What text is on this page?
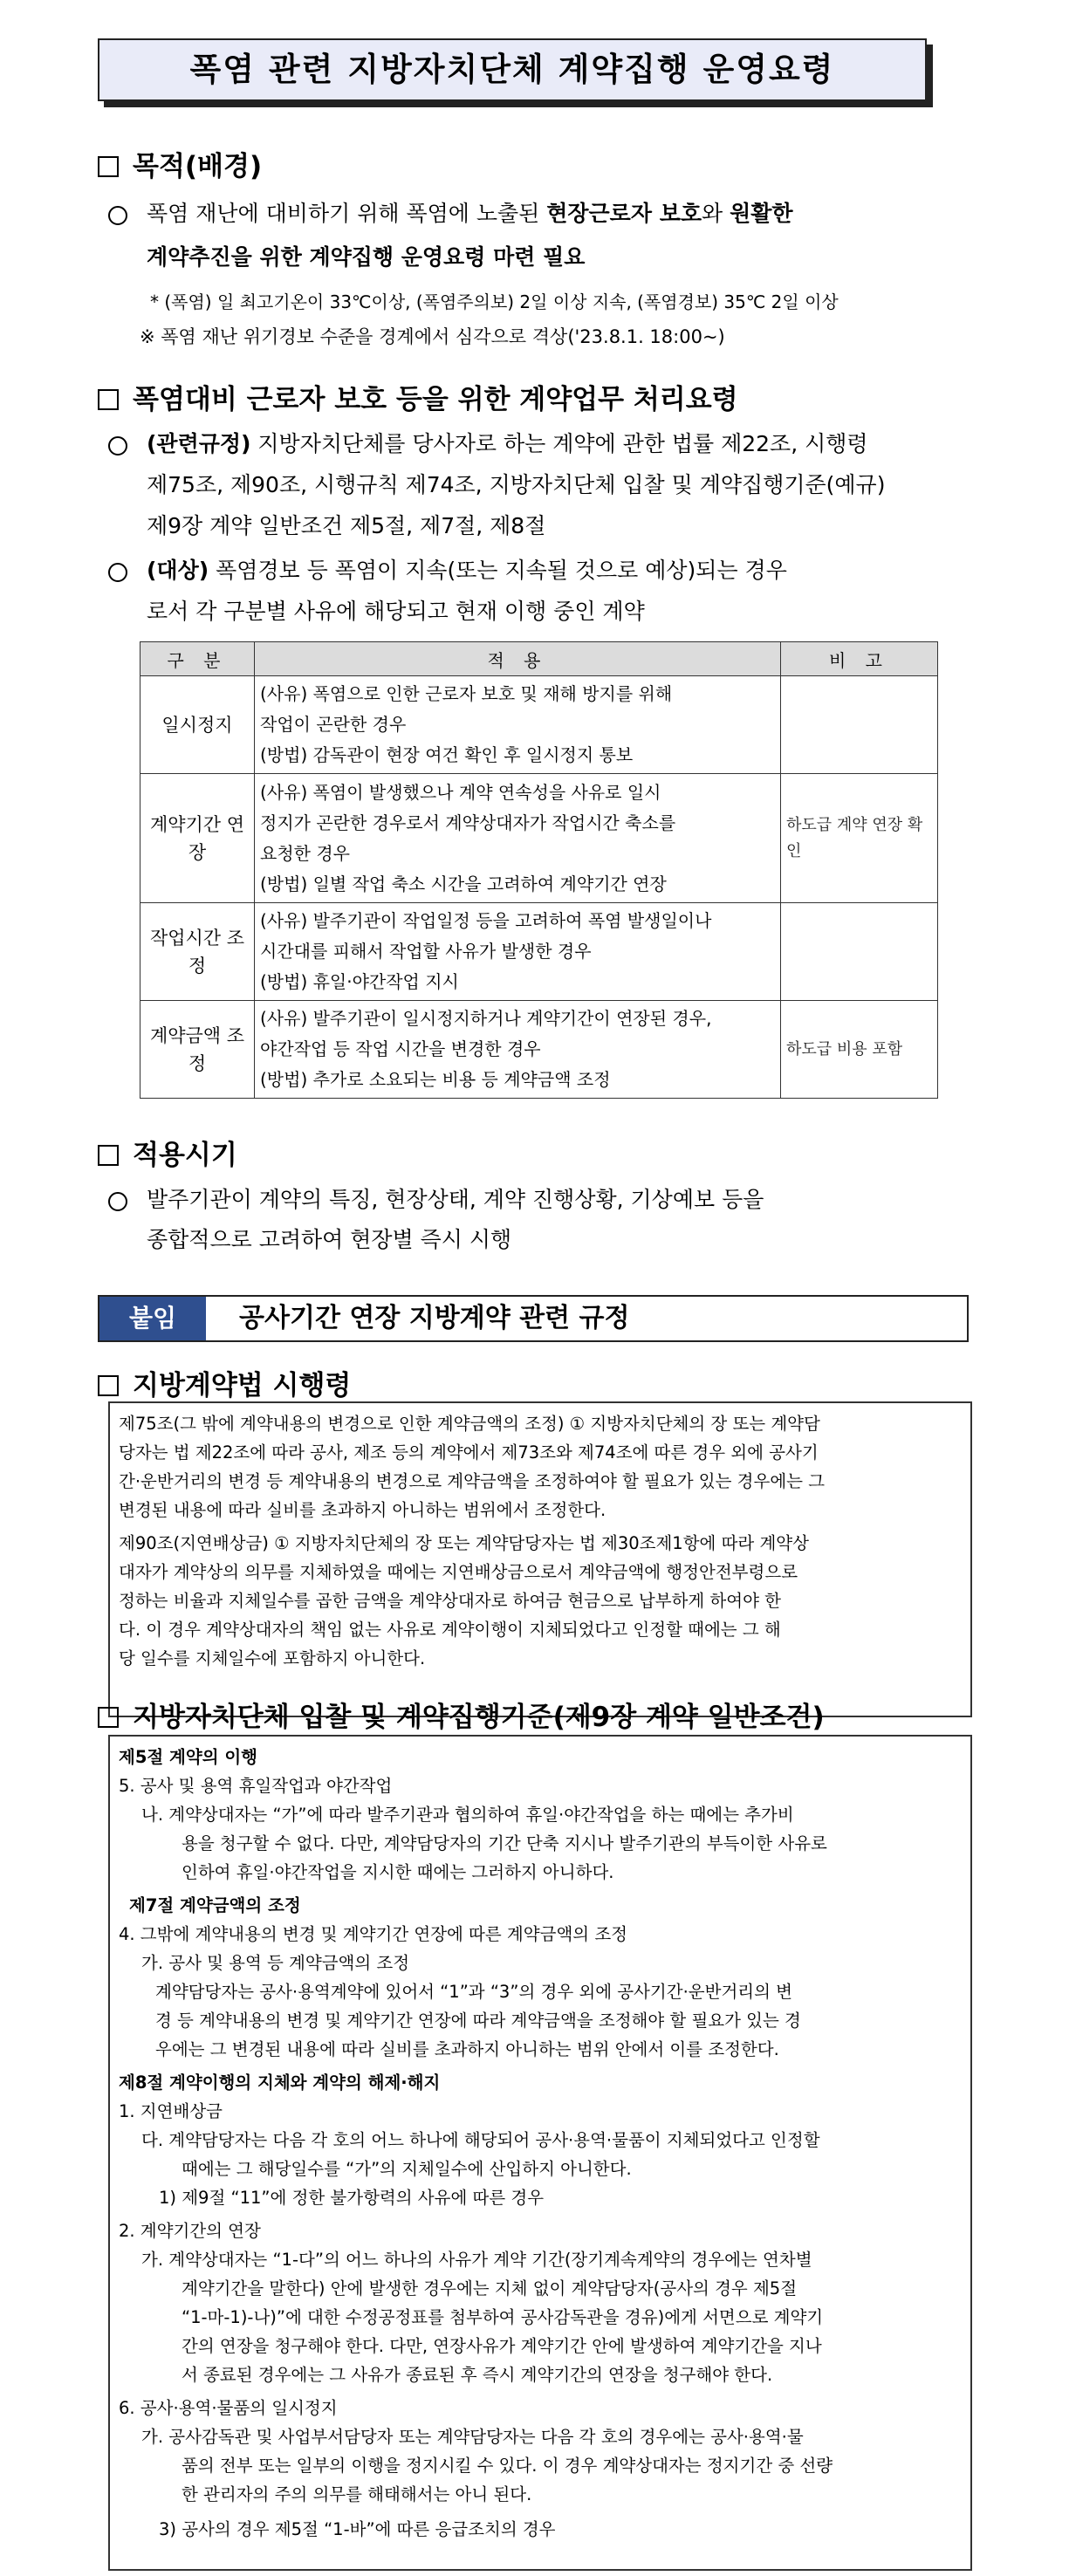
폭염 관련 지방자치단체 계약집행 운영요령
목적(배경)
폭염 재난에 대비하기 위해 폭염에 노출된 현장근로자 보호와 원활한
계약추진을 위한 계약집행 운영요령 마련 필요
* (폭염) 일 최고기온이 33℃이상, (폭염주의보) 2일 이상 지속, (폭염경보) 35℃ 2일 이상
※ 폭염 재난 위기경보 수준을 경계에서 심각으로 격상('23.8.1. 18:00~)
폭염대비 근로자 보호 등을 위한 계약업무 처리요령
(관련규정) 지방자치단체를 당사자로 하는 계약에 관한 법률 제22조, 시행령
제75조, 제90조, 시행규칙 제74조, 지방자치단체 입찰 및 계약집행기준(예규)
제9장 계약 일반조건 제5절, 제7절, 제8절
(대상) 폭염경보 등 폭염이 지속(또는 지속될 것으로 예상)되는 경우
로서 각 구분별 사유에 해당되고 현재 이행 중인 계약
구 분	적 용	비 고
일시정지	(사유) 폭염으로 인한 근로자 보호 및 재해 방지를 위해
작업이 곤란한 경우
(방법) 감독관이 현장 여건 확인 후 일시정지 통보	

계약기간 연장	(사유) 폭염이 발생했으나 계약 연속성을 사유로 일시
정지가 곤란한 경우로서 계약상대자가 작업시간 축소를
요청한 경우
(방법) 일별 작업 축소 시간을 고려하여 계약기간 연장	하도급 계약 연장 확인
작업시간 조정	(사유) 발주기관이 작업일정 등을 고려하여 폭염 발생일이나
시간대를 피해서 작업할 사유가 발생한 경우
(방법) 휴일·야간작업 지시	

계약금액 조정	(사유) 발주기관이 일시정지하거나 계약기간이 연장된 경우,
야간작업 등 작업 시간을 변경한 경우
(방법) 추가로 소요되는 비용 등 계약금액 조정	하도급 비용 포함
적용시기
발주기관이 계약의 특징, 현장상태, 계약 진행상황, 기상예보 등을
종합적으로 고려하여 현장별 즉시 시행
붙임	공사기간 연장 지방계약 관련 규정
지방계약법 시행령
제75조(그 밖에 계약내용의 변경으로 인한 계약금액의 조정) ① 지방자치단체의 장 또는 계약담
당자는 법 제22조에 따라 공사, 제조 등의 계약에서 제73조와 제74조에 따른 경우 외에 공사기
간·운반거리의 변경 등 계약내용의 변경으로 계약금액을 조정하여야 할 필요가 있는 경우에는 그
변경된 내용에 따라 실비를 초과하지 아니하는 범위에서 조정한다.
제90조(지연배상금) ① 지방자치단체의 장 또는 계약담당자는 법 제30조제1항에 따라 계약상
대자가 계약상의 의무를 지체하였을 때에는 지연배상금으로서 계약금액에 행정안전부령으로
정하는 비율과 지체일수를 곱한 금액을 계약상대자로 하여금 현금으로 납부하게 하여야 한
다. 이 경우 계약상대자의 책임 없는 사유로 계약이행이 지체되었다고 인정할 때에는 그 해
당 일수를 지체일수에 포함하지 아니한다.
지방자치단체 입찰 및 계약집행기준(제9장 계약 일반조건)
제5절 계약의 이행
5. 공사 및 용역 휴일작업과 야간작업
나. 계약상대자는 “가”에 따라 발주기관과 협의하여 휴일·야간작업을 하는 때에는 추가비
용을 청구할 수 없다. 다만, 계약담당자의 기간 단축 지시나 발주기관의 부득이한 사유로
인하여 휴일·야간작업을 지시한 때에는 그러하지 아니하다.
제7절 계약금액의 조정
4. 그밖에 계약내용의 변경 및 계약기간 연장에 따른 계약금액의 조정
가. 공사 및 용역 등 계약금액의 조정
계약담당자는 공사·용역계약에 있어서 “1”과 “3”의 경우 외에 공사기간·운반거리의 변
경 등 계약내용의 변경 및 계약기간 연장에 따라 계약금액을 조정해야 할 필요가 있는 경
우에는 그 변경된 내용에 따라 실비를 초과하지 아니하는 범위 안에서 이를 조정한다.
제8절 계약이행의 지체와 계약의 해제·해지
1. 지연배상금
다. 계약담당자는 다음 각 호의 어느 하나에 해당되어 공사·용역·물품이 지체되었다고 인정할
때에는 그 해당일수를 “가”의 지체일수에 산입하지 아니한다.
1) 제9절 “11”에 정한 불가항력의 사유에 따른 경우
2. 계약기간의 연장
가. 계약상대자는 “1-다”의 어느 하나의 사유가 계약 기간(장기계속계약의 경우에는 연차별
계약기간을 말한다) 안에 발생한 경우에는 지체 없이 계약담당자(공사의 경우 제5절
“1-마-1)-나)”에 대한 수정공정표를 첨부하여 공사감독관을 경유)에게 서면으로 계약기
간의 연장을 청구해야 한다. 다만, 연장사유가 계약기간 안에 발생하여 계약기간을 지나
서 종료된 경우에는 그 사유가 종료된 후 즉시 계약기간의 연장을 청구해야 한다.
6. 공사·용역·물품의 일시정지
가. 공사감독관 및 사업부서담당자 또는 계약담당자는 다음 각 호의 경우에는 공사·용역·물
품의 전부 또는 일부의 이행을 정지시킬 수 있다. 이 경우 계약상대자는 정지기간 중 선량
한 관리자의 주의 의무를 해태해서는 아니 된다.
3) 공사의 경우 제5절 “1-바”에 따른 응급조치의 경우
